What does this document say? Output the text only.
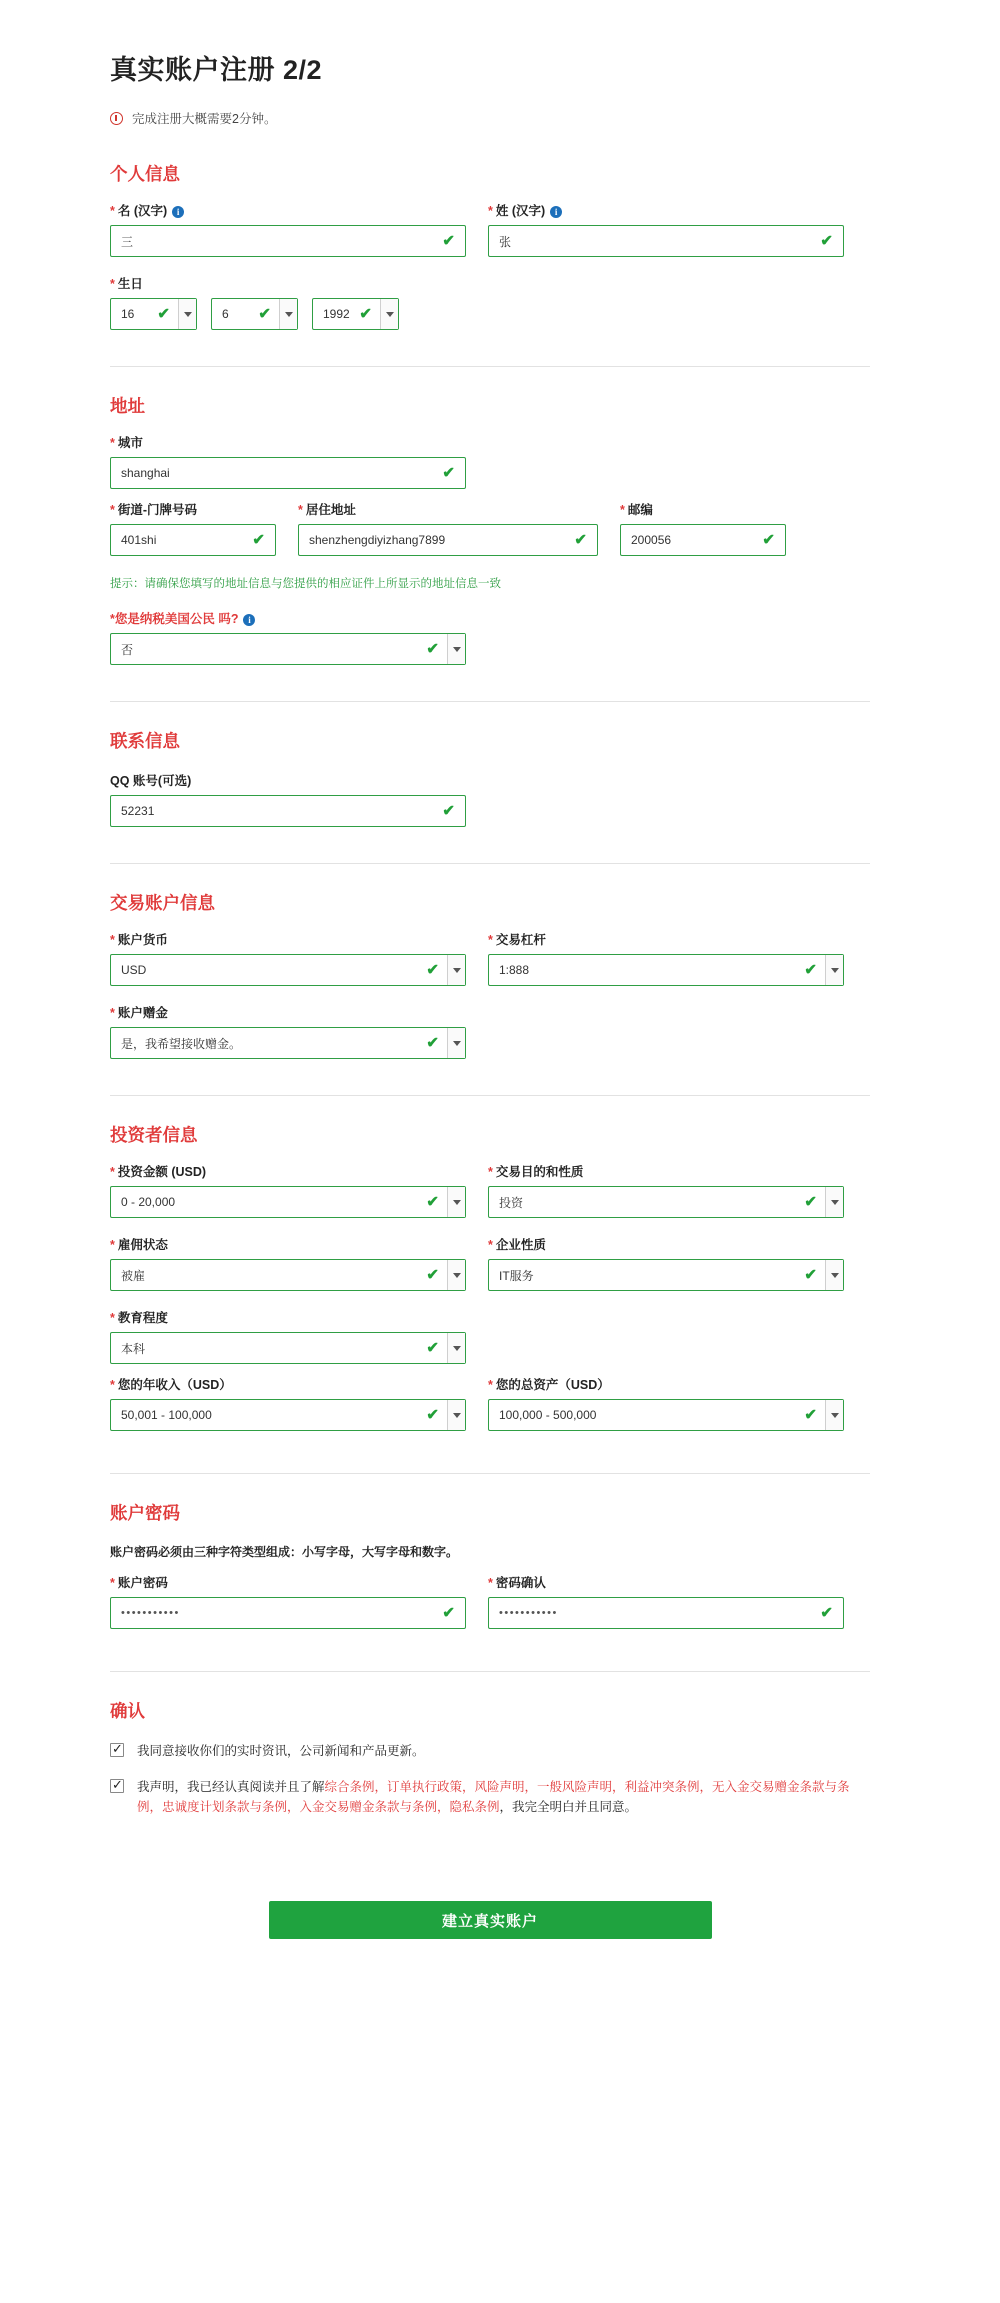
真实账户注册 2/2
完成注册大概需要2分钟。
个人信息
* 名 (汉字)	i
三	✔
* 姓 (汉字)	i
张	✔
* 生日
16 ✔	6 ✔	1992 ✔
地址
* 城市
shanghai	✔
* 街道-门牌号码
401shi	✔
* 居住地址
shenzhengdiyizhang7899	✔
* 邮编
200056	✔
提示：请确保您填写的地址信息与您提供的相应证件上所显示的地址信息一致
*您是纳税美国公民 吗?	i
否	✔
联系信息
QQ 账号(可选)
52231	✔
交易账户信息
* 账户货币
USD	✔
* 交易杠杆
1:888	✔
* 账户赠金
是，我希望接收赠金。	✔
投资者信息
* 投资金额 (USD)
0 - 20,000	✔
* 交易目的和性质
投资	✔
* 雇佣状态
被雇	✔
* 企业性质
IT服务	✔
* 教育程度
本科	✔
* 您的年收入（USD）
50,001 - 100,000	✔
* 您的总资产（USD）
100,000 - 500,000	✔
账户密码
账户密码必须由三种字符类型组成：小写字母，大写字母和数字。
* 账户密码
•••••••••••	✔
* 密码确认
•••••••••••	✔
确认
✓
我同意接收你们的实时资讯，公司新闻和产品更新。
✓
我声明，我已经认真阅读并且了解综合条例，订单执行政策，风险声明，一般风险声明，利益冲突条例，无入金交易赠金条款与条例，忠诚度计划条款与条例，入金交易赠金条款与条例，隐私条例，我完全明白并且同意。
建立真实账户
